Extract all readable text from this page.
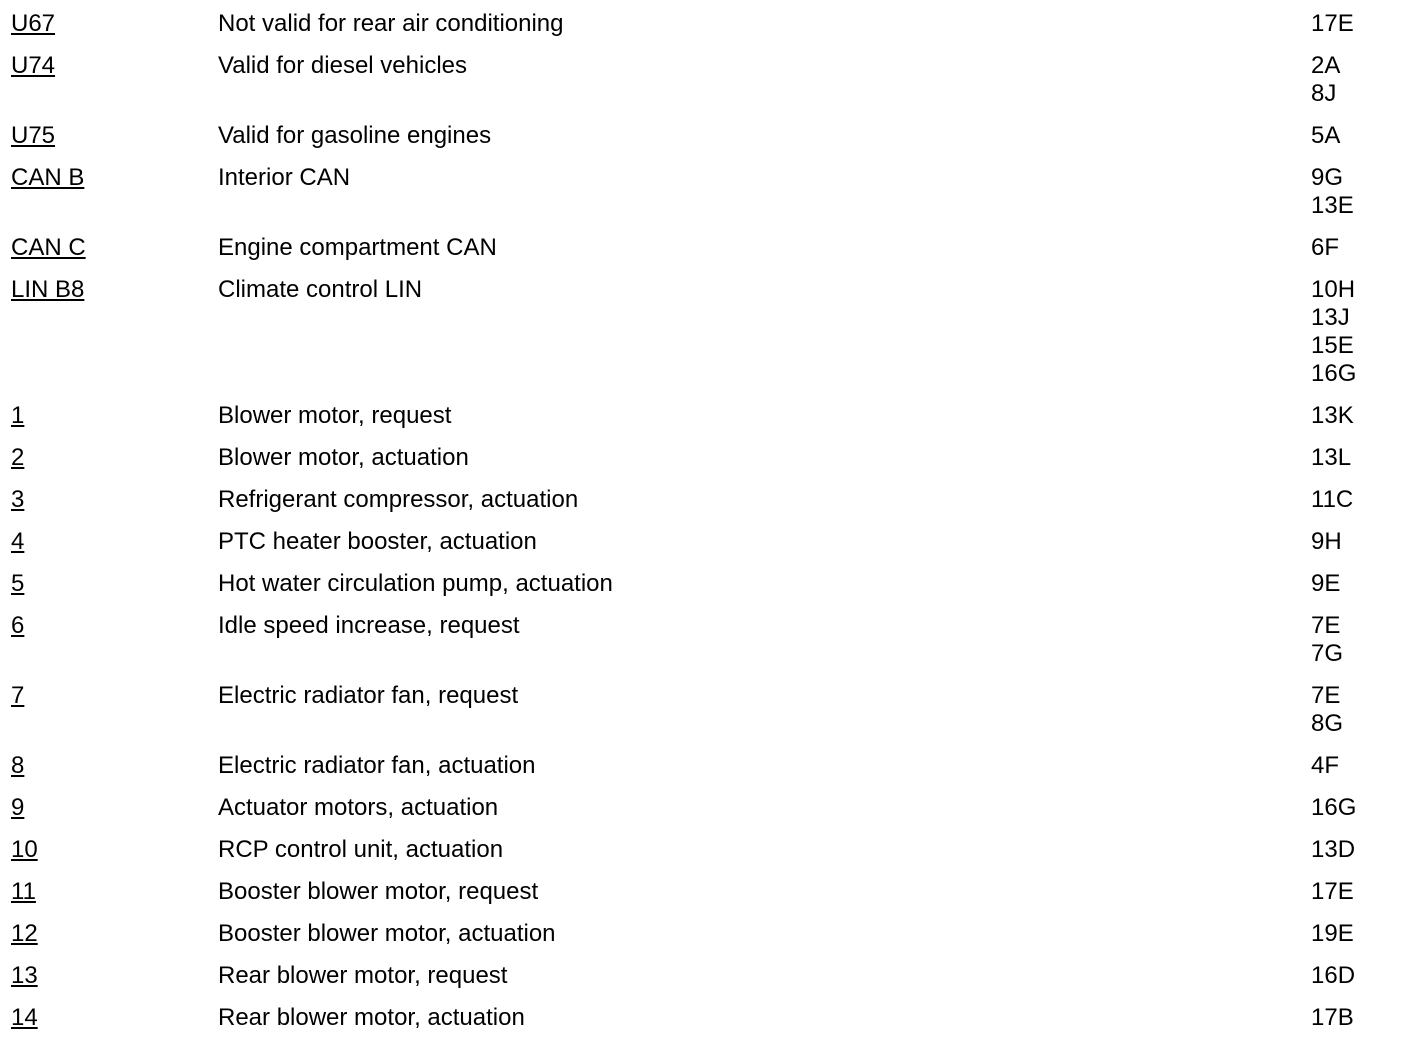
U67	Not valid for rear air conditioning	17E
U74	Valid for diesel vehicles	2A
8J
U75	Valid for gasoline engines	5A
CAN B	Interior CAN	9G
13E
CAN C	Engine compartment CAN	6F
LIN B8	Climate control LIN	10H
13J
15E
16G
1	Blower motor, request	13K
2	Blower motor, actuation	13L
3	Refrigerant compressor, actuation	11C
4	PTC heater booster, actuation	9H
5	Hot water circulation pump, actuation	9E
6	Idle speed increase, request	7E
7G
7	Electric radiator fan, request	7E
8G
8	Electric radiator fan, actuation	4F
9	Actuator motors, actuation	16G
10	RCP control unit, actuation	13D
11	Booster blower motor, request	17E
12	Booster blower motor, actuation	19E
13	Rear blower motor, request	16D
14	Rear blower motor, actuation	17B
